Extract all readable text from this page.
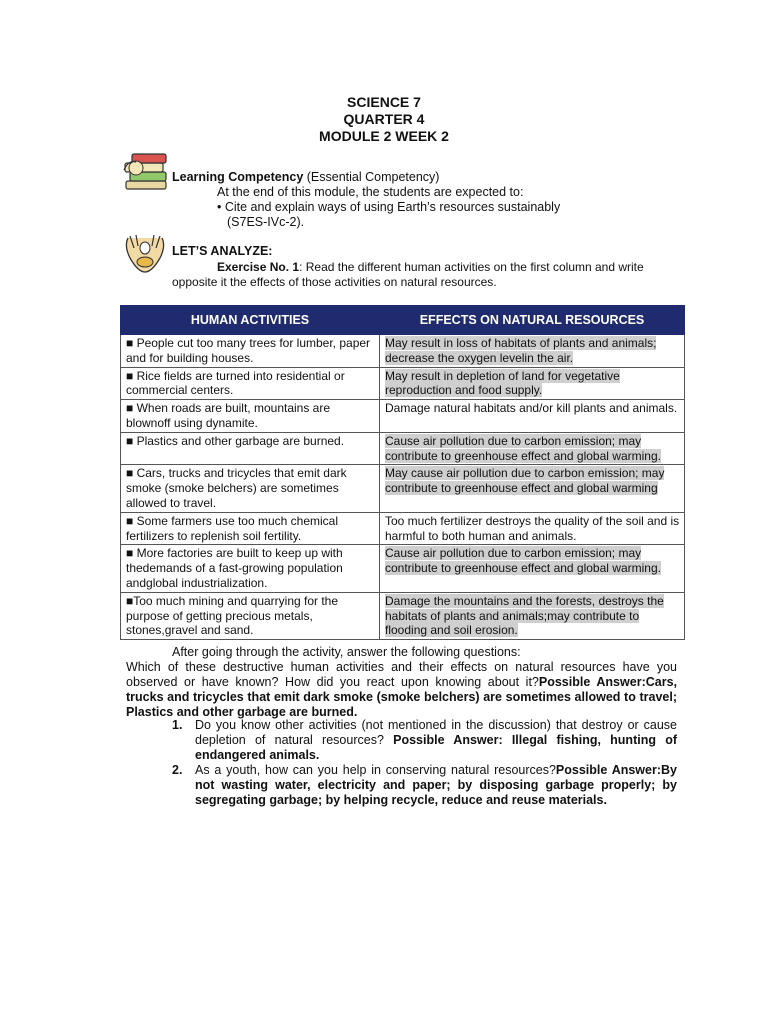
SCIENCE 7
QUARTER 4
MODULE 2 WEEK 2
Learning Competency (Essential Competency)
At the end of this module, the students are expected to:
• Cite and explain ways of using Earth’s resources sustainably
(S7ES-IVc-2).
LET’S ANALYZE:
Exercise No. 1: Read the different human activities on the first column and write opposite it the effects of those activities on natural resources.
HUMAN ACTIVITIES	EFFECTS ON NATURAL RESOURCES
■ People cut too many trees for lumber, paper and for building houses.	May result in loss of habitats of plants and animals; decrease the oxygen levelin the air.
■ Rice fields are turned into residential or commercial centers.	May result in depletion of land for vegetative reproduction and food supply.
■ When roads are built, mountains are blownoff using dynamite.	Damage natural habitats and/or kill plants and animals.
■ Plastics and other garbage are burned.	Cause air pollution due to carbon emission; may contribute to greenhouse effect and global warming.
■ Cars, trucks and tricycles that emit dark smoke (smoke belchers) are sometimes allowed to travel.	May cause air pollution due to carbon emission; may contribute to greenhouse effect and global warming
■ Some farmers use too much chemical fertilizers to replenish soil fertility.	Too much fertilizer destroys the quality of the soil and is harmful to both human and animals.
■ More factories are built to keep up with thedemands of a fast-growing population andglobal industrialization.	Cause air pollution due to carbon emission; may contribute to greenhouse effect and global warming.
■Too much mining and quarrying for the purpose of getting precious metals, stones,gravel and sand.	Damage the mountains and the forests, destroys the habitats of plants and animals;may contribute to flooding and soil erosion.
After going through the activity, answer the following questions:
Which of these destructive human activities and their effects on natural resources have you observed or have known? How did you react upon knowing about it?Possible Answer:Cars, trucks and tricycles that emit dark smoke (smoke belchers) are sometimes allowed to travel; Plastics and other garbage are burned.
1. Do you know other activities (not mentioned in the discussion) that destroy or cause depletion of natural resources? Possible Answer: Illegal fishing, hunting of endangered animals.
2. As a youth, how can you help in conserving natural resources?Possible Answer:By not wasting water, electricity and paper; by disposing garbage properly; by segregating garbage; by helping recycle, reduce and reuse materials.
